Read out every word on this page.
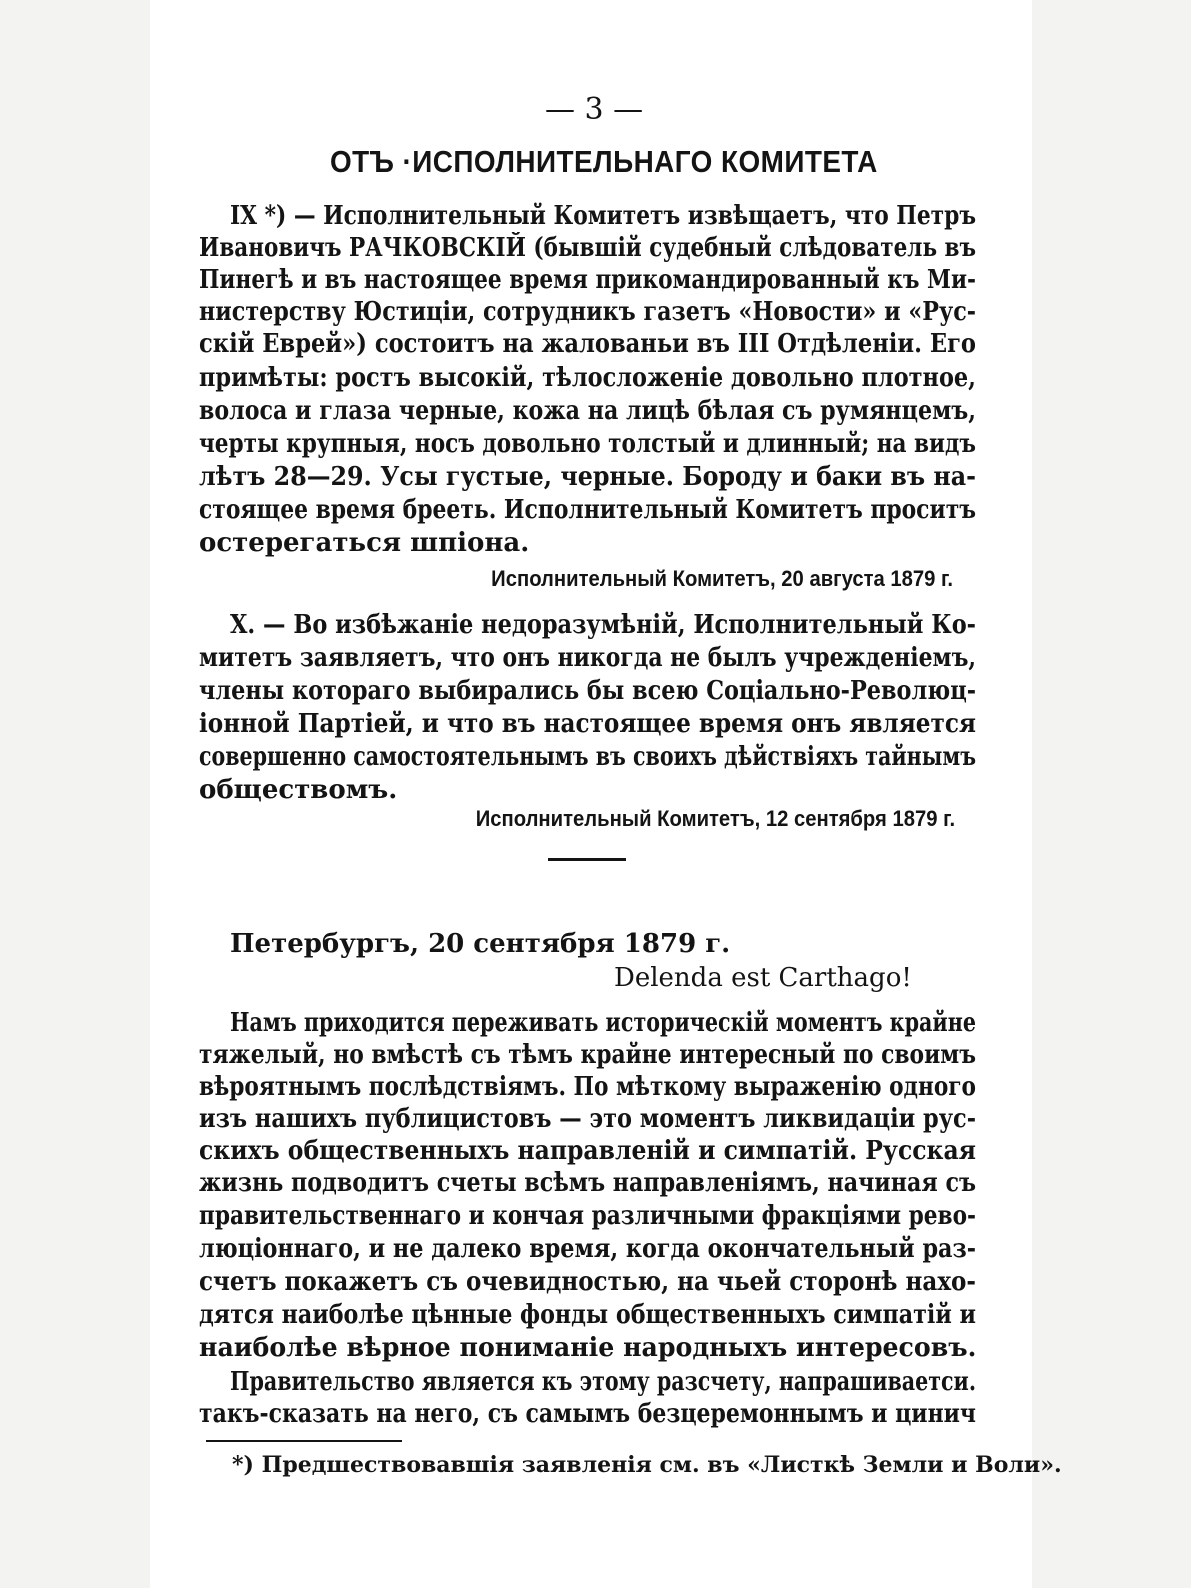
— 3 —
ОТЪ ·ИСПОЛНИТЕЛЬНАГО КОМИТЕТА
IX *) — Исполнительный Комитетъ извѣщаетъ, что Петръ
Ивановичъ РАЧКОВСКIЙ (бывшiй судебный слѣдователь въ
Пинегѣ и въ настоящее время прикомандированный къ Ми-
нистерству Юстицiи, сотрудникъ газетъ «Новости» и «Рус-
скiй Еврей») состоитъ на жалованьи въ III Отдѣленiи. Его
примѣты: ростъ высокiй, тѣлосложенiе довольно плотное,
волоса и глаза черные, кожа на лицѣ бѣлая съ румянцемъ,
черты крупныя, носъ довольно толстый и длинный; на видъ
лѣтъ 28—29. Усы густые, черные. Бороду и баки въ на-
стоящее время брееть. Исполнительный Комитетъ проситъ
остерегаться шпiона.
Исполнительный Комитетъ, 20 августа 1879 г.
X. — Во избѣжанiе недоразумѣнiй, Исполнительный Ко-
митетъ заявляетъ, что онъ никогда не былъ учрежденiемъ,
члены котораго выбирались бы всею Соцiально-Революц-
iонной Партiей, и что въ настоящее время онъ является
совершенно самостоятельнымъ въ своихъ дѣйствiяхъ тайнымъ
обществомъ.
Исполнительный Комитетъ, 12 сентября 1879 г.
Петербургъ, 20 сентября 1879 г.
Delenda est Carthago!
Намъ приходится переживать историческiй моментъ крайне
тяжелый, но вмѣстѣ съ тѣмъ крайне интересный по своимъ
вѣроятнымъ послѣдствiямъ. По мѣткому выраженiю одного
изъ нашихъ публицистовъ — это моментъ ликвидацiи рус-
скихъ общественныхъ направленiй и симпатiй. Русская
жизнь подводитъ счеты всѣмъ направленiямъ, начиная съ
правительственнаго и кончая различными фракцiями рево-
люцiоннаго, и не далеко время, когда окончательный раз-
счетъ покажетъ съ очевидностью, на чьей сторонѣ нахо-
дятся наиболѣе цѣнные фонды общественныхъ симпатiй и
наиболѣе вѣрное пониманiе народныхъ интересовъ.
Правительство является къ этому разсчету, напрашиваетси.
такъ-сказать на него, съ самымъ безцеремоннымъ и цинич
*) Предшествовавшiя заявленiя см. въ «Листкѣ Земли и Воли».
